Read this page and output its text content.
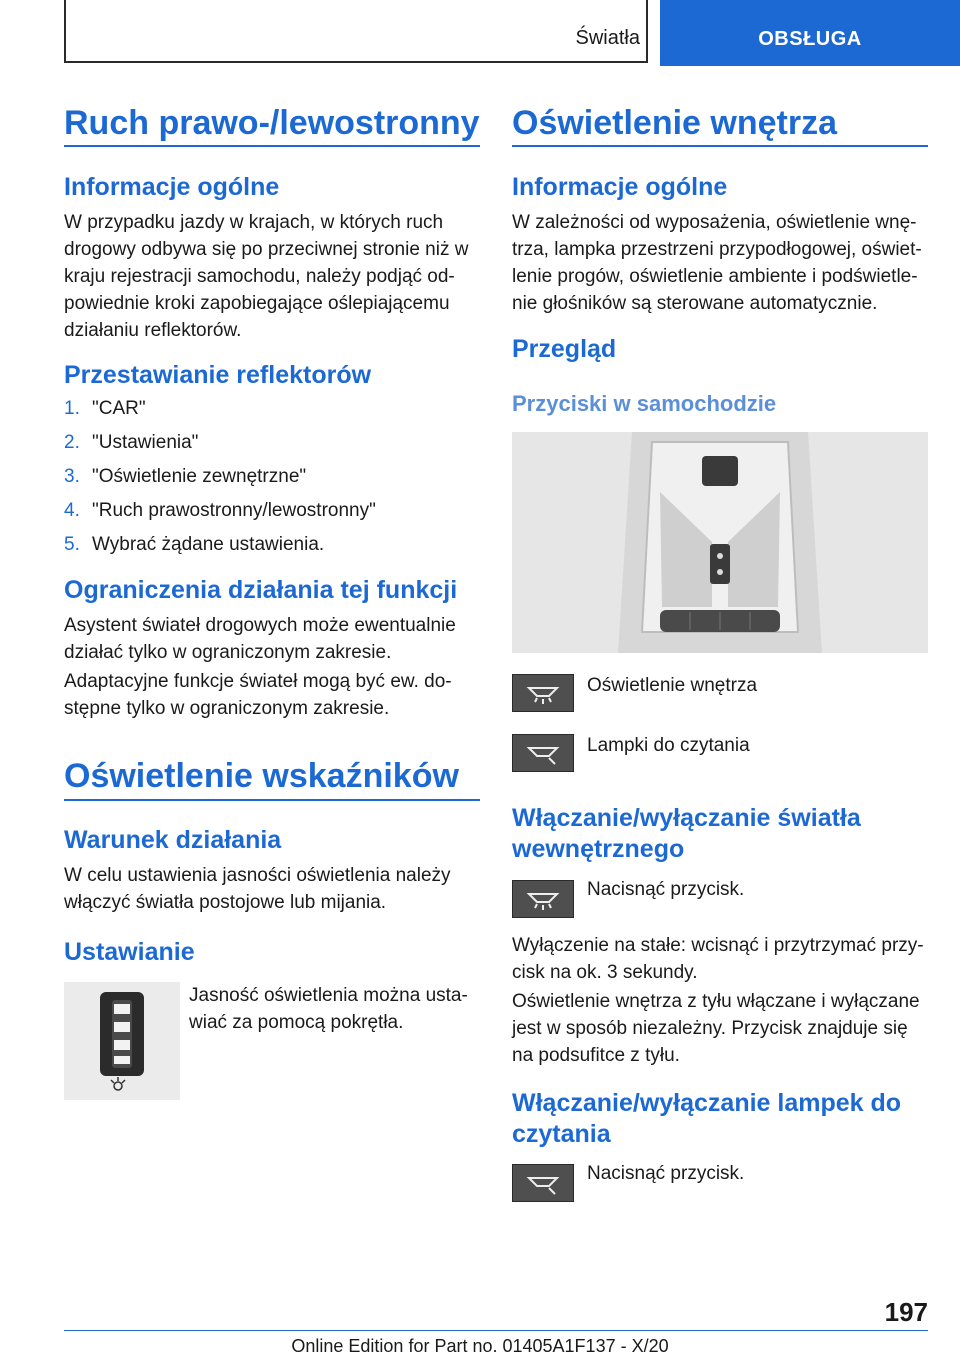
Światła	OBSŁUGA
Ruch prawo-/lewostronny
Informacje ogólne
W przypadku jazdy w krajach, w których ruch drogowy odbywa się po przeciwnej stronie niż w kraju rejestracji samochodu, należy podjąć od-powiednie kroki zapobiegające oślepiającemu działaniu reflektorów.
Przestawianie reflektorów
1. "CAR"
2. "Ustawienia"
3. "Oświetlenie zewnętrzne"
4. "Ruch prawostronny/lewostronny"
5. Wybrać żądane ustawienia.
Ograniczenia działania tej funkcji
Asystent świateł drogowych może ewentualnie działać tylko w ograniczonym zakresie.
Adaptacyjne funkcje świateł mogą być ew. do-stępne tylko w ograniczonym zakresie.
Oświetlenie wskaźników
Warunek działania
W celu ustawienia jasności oświetlenia należy włączyć światła postojowe lub mijania.
Ustawianie
Jasność oświetlenia można usta-wiać za pomocą pokrętła.
Oświetlenie wnętrza
Informacje ogólne
W zależności od wyposażenia, oświetlenie wnę-trza, lampka przestrzeni przypodłogowej, oświet-lenie progów, oświetlenie ambiente i podświetle-nie głośników są sterowane automatycznie.
Przegląd
Przyciski w samochodzie
Oświetlenie wnętrza
Lampki do czytania
Włączanie/wyłączanie światła wewnętrznego
Nacisnąć przycisk.
Wyłączenie na stałe: wcisnąć i przytrzymać przy-cisk na ok. 3 sekundy.
Oświetlenie wnętrza z tyłu włączane i wyłączane jest w sposób niezależny. Przycisk znajduje się na podsufitce z tyłu.
Włączanie/wyłączanie lampek do czytania
Nacisnąć przycisk.
197
Online Edition for Part no. 01405A1F137 - X/20
